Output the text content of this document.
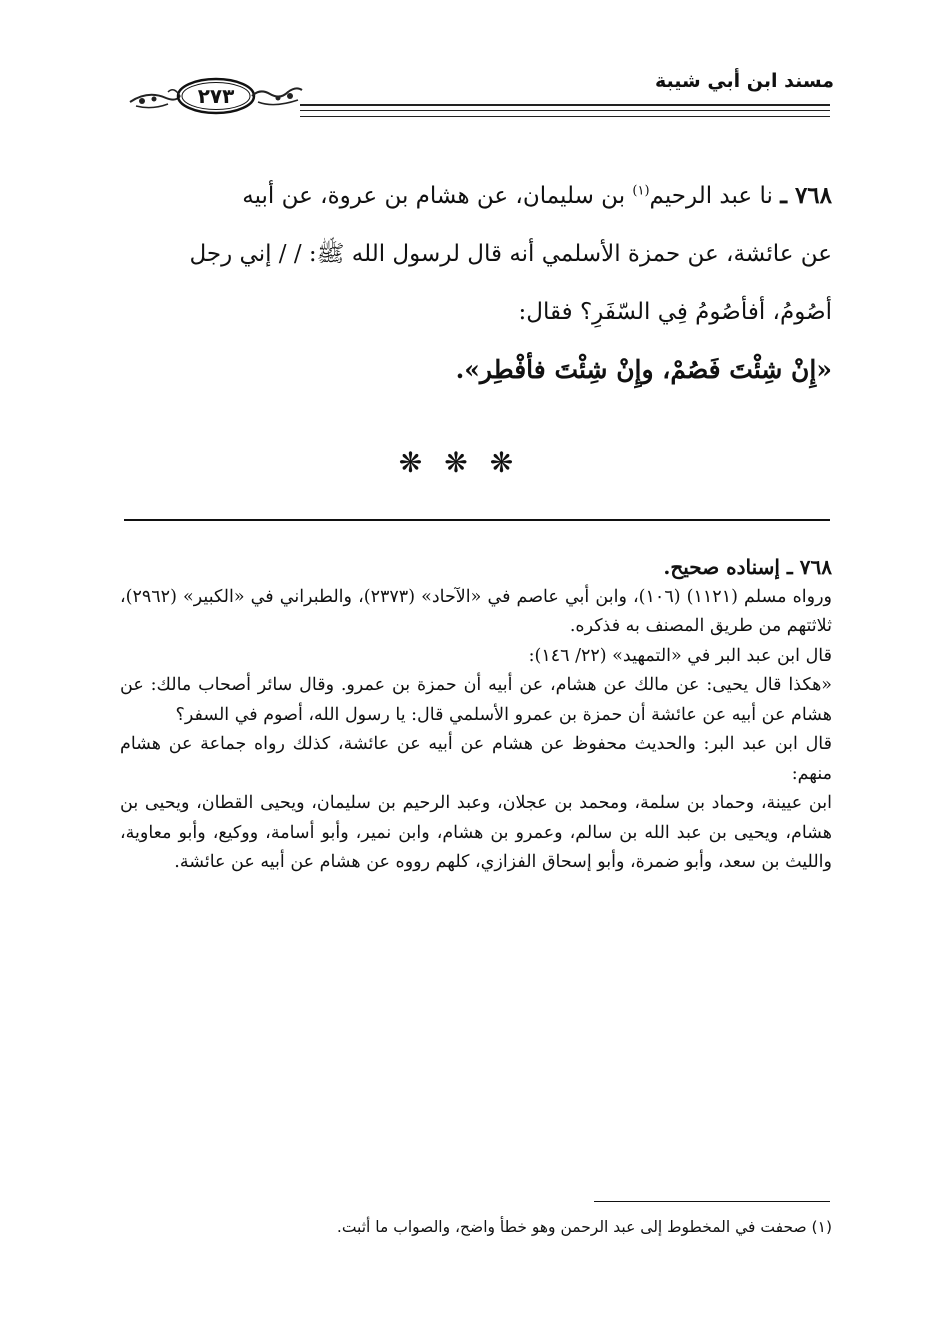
مسند ابن أبي شيبة
٢٧٣

٧٦٨ ـ نا عبد الرحيم$^{(١)}$ بن سليمان، عن هشام بن عروة، عن أبيه

عن عائشة، عن حمزة الأسلمي أنه قال لرسول الله ﷺ: / / إني رجل

أصُومُ، أفأصُومُ فِي السّفَرِ؟ فقال:

«إِنْ شِئْتَ فَصُمْ، وإِنْ شِئْتَ فأفْطِر».

❋❋❋

٧٦٨ ـ إسناده صحيح.

ورواه مسلم (١١٢١) (١٠٦)، وابن أبي عاصم في «الآحاد» (٢٣٧٣)، والطبراني في «الكبير» (٢٩٦٢)، ثلاثتهم من طريق المصنف به فذكره.

قال ابن عبد البر في «التمهيد» (٢٢/ ١٤٦):

«هكذا قال يحيى: عن مالك عن هشام، عن أبيه أن حمزة بن عمرو. وقال سائر أصحاب مالك: عن هشام عن أبيه عن عائشة أن حمزة بن عمرو الأسلمي قال: يا رسول الله، أصوم في السفر؟

قال ابن عبد البر: والحديث محفوظ عن هشام عن أبيه عن عائشة، كذلك رواه جماعة عن هشام منهم:

ابن عيينة، وحماد بن سلمة، ومحمد بن عجلان، وعبد الرحيم بن سليمان، ويحيى القطان، ويحيى بن هشام، ويحيى بن عبد الله بن سالم، وعمرو بن هشام، وابن نمير، وأبو أسامة، ووكيع، وأبو معاوية، والليث بن سعد، وأبو ضمرة، وأبو إسحاق الفزازي، كلهم رووه عن هشام عن أبيه عن عائشة.

(١) صحفت في المخطوط إلى عبد الرحمن وهو خطأ واضح، والصواب ما أثبت.
